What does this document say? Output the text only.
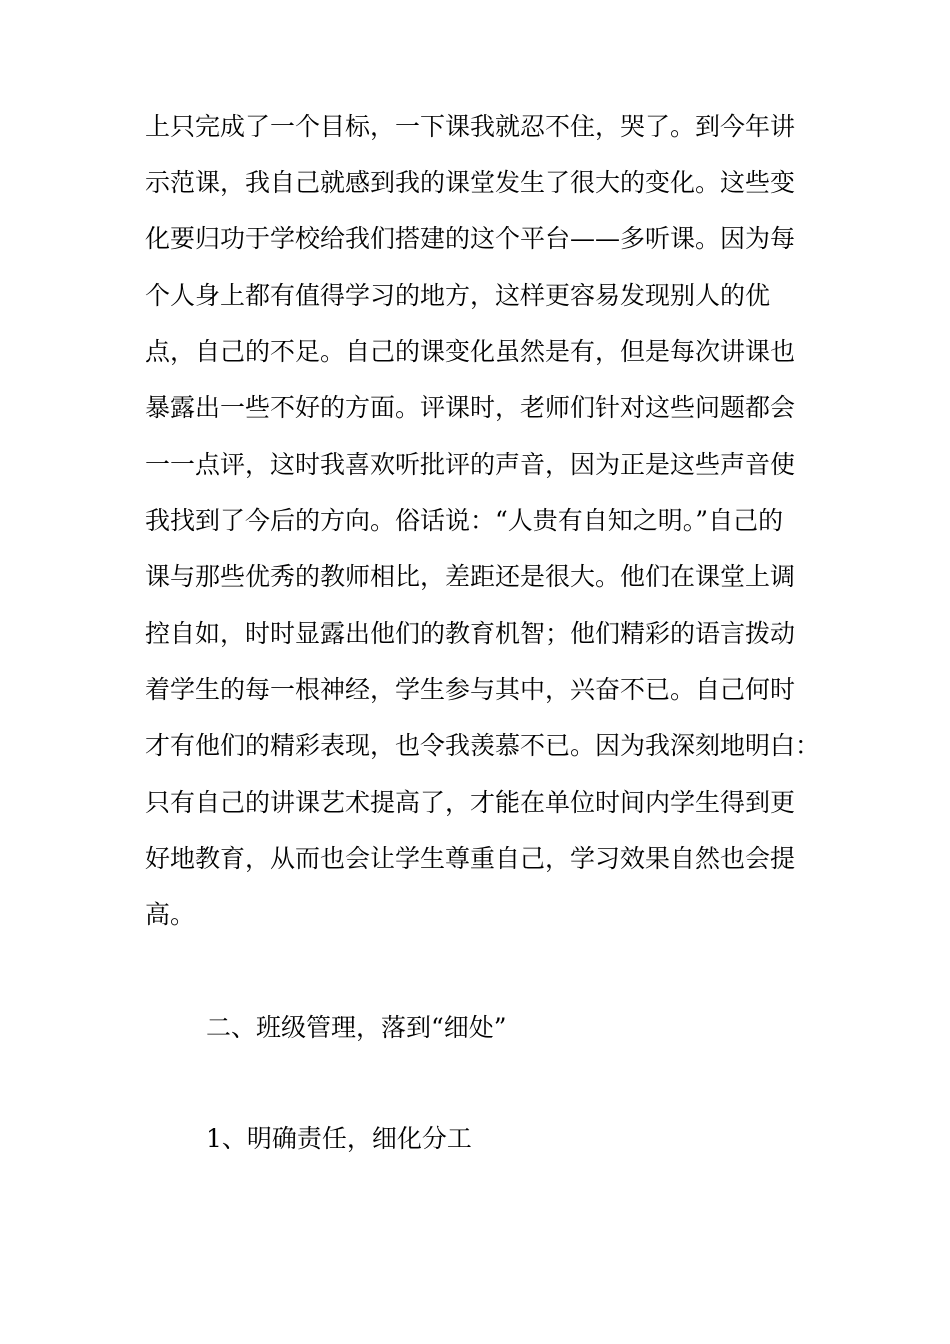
上只完成了一个目标，一下课我就忍不住，哭了。到今年讲
示范课，我自己就感到我的课堂发生了很大的变化。这些变
化要归功于学校给我们搭建的这个平台——多听课。因为每
个人身上都有值得学习的地方，这样更容易发现别人的优
点，自己的不足。自己的课变化虽然是有，但是每次讲课也
暴露出一些不好的方面。评课时，老师们针对这些问题都会
一一点评，这时我喜欢听批评的声音，因为正是这些声音使
我找到了今后的方向。俗话说：“人贵有自知之明。”自己的
课与那些优秀的教师相比，差距还是很大。他们在课堂上调
控自如，时时显露出他们的教育机智；他们精彩的语言拨动
着学生的每一根神经，学生参与其中，兴奋不已。自己何时
才有他们的精彩表现，也令我羡慕不已。因为我深刻地明白：
只有自己的讲课艺术提高了，才能在单位时间内学生得到更
好地教育，从而也会让学生尊重自己，学习效果自然也会提
高。
二、班级管理，落到“细处”
1、明确责任，细化分工
